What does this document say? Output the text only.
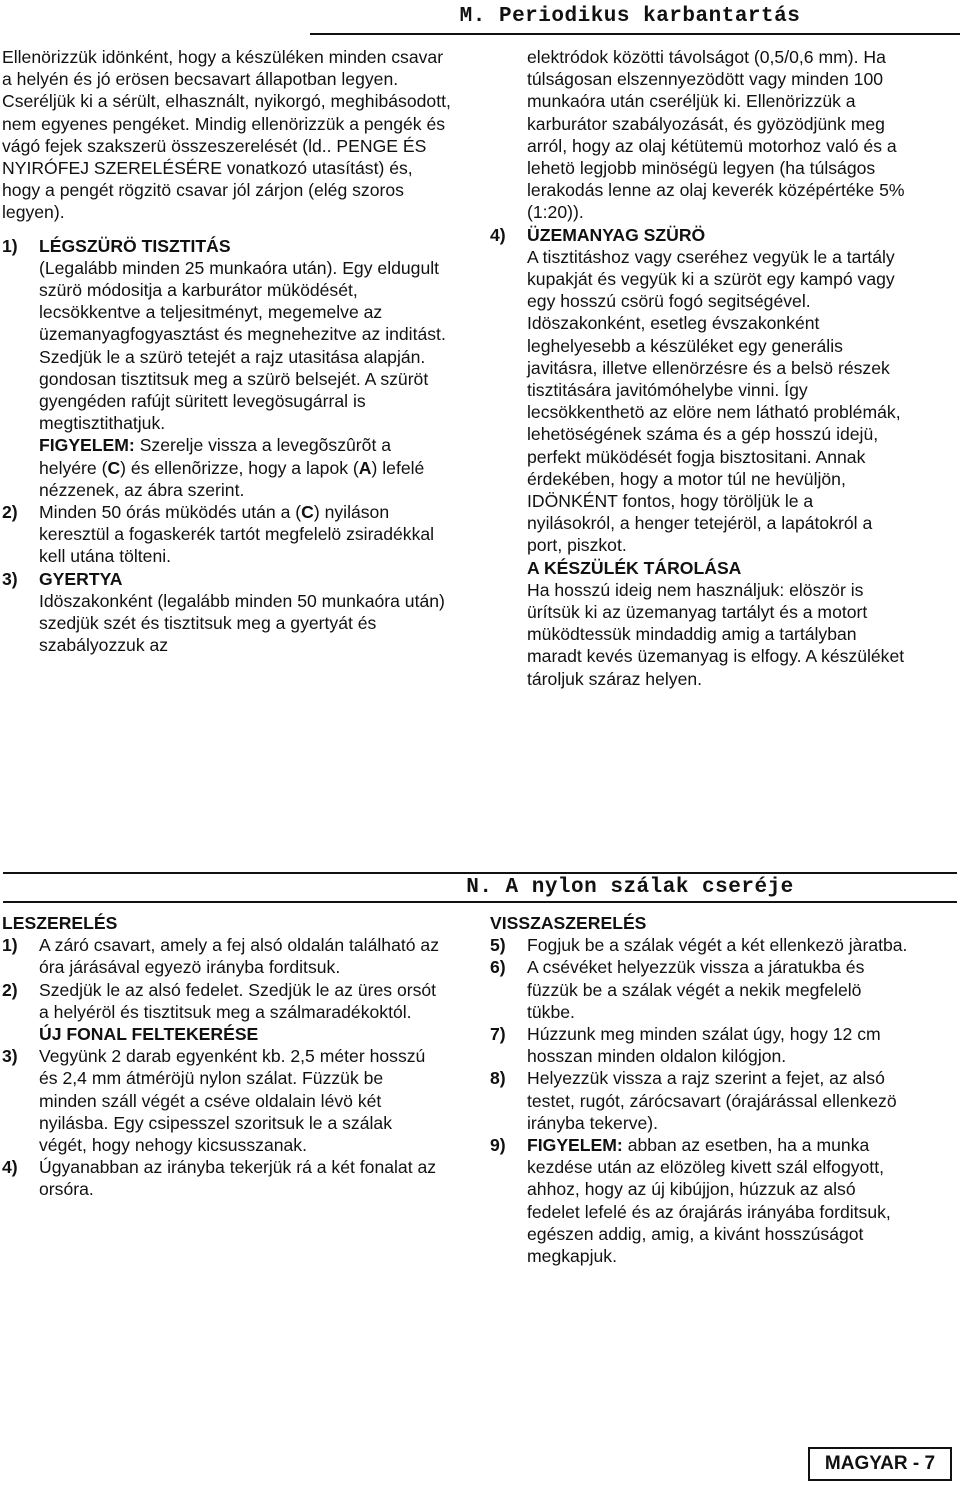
M. Periodikus karbantartás

Ellenörizzük idönként, hogy a készüléken minden csavar a helyén és jó erösen becsavart állapotban legyen. Cseréljük ki a sérült, elhasznált, nyikorgó, meghibásodott, nem egyenes pengéket. Mindig ellenörizzük a pengék és vágó fejek szakszerü összeszerelését (ld.. PENGE ÉS NYIRÓFEJ SZERELÉSÉRE vonatkozó utasítást) és, hogy a pengét rögzitö csavar jól zárjon (elég szoros legyen).

1)	LÉGSZÜRÖ TISZTITÁS

(Legalább minden 25 munkaóra után). Egy eldugult szürö módositja a karburátor müködését, lecsökkentve a teljesitményt, megemelve az üzemanyagfogyasztást és megnehezitve az inditást. Szedjük le a szürö tetejét a rajz utasitása alapján. gondosan tisztitsuk meg a szürö belsejét. A szüröt gyengéden rafújt süritett levegösugárral is megtisztithatjuk.

FIGYELEM: Szerelje vissza a levegõszûrõt a helyére (C) és ellenõrizze, hogy a lapok (A) lefelé nézzenek, az ábra szerint.

2)	Minden 50 órás müködés után a (C) nyiláson keresztül a fogaskerék tartót megfelelö zsiradékkal kell utána tölteni.

3)	GYERTYA

Idöszakonként (legalább minden 50 munkaóra után) szedjük szét és tisztitsuk meg a gyertyát és szabályozzuk az

elektródok közötti távolságot (0,5/0,6 mm). Ha túlságosan elszennyezödött vagy minden 100 munkaóra után cseréljük ki. Ellenörizzük a karburátor szabályozását, és gyözödjünk meg arról, hogy az olaj kétütemü motorhoz való és a lehetö legjobb minöségü legyen (ha túlságos lerakodás lenne az olaj keverék középértéke 5% (1:20)).

4)	ÜZEMANYAG SZÜRÖ

A tisztitáshoz vagy cseréhez vegyük le a tartály kupakját és vegyük ki a szüröt egy kampó vagy egy hosszú csörü fogó segitségével. Idöszakonként, esetleg évszakonként leghelyesebb a készüléket egy generális javitásra, illetve ellenörzésre és a belsö részek tisztitására javitómóhelybe vinni. Így lecsökkenthetö az elöre nem látható problémák, lehetöségének száma és a gép hosszú idejü, perfekt müködését fogja bisztositani. Annak érdekében, hogy a motor túl ne hevüljön, IDÖNKÉNT fontos, hogy töröljük le a nyilásokról, a henger tetejéröl, a lapátokról a port, piszkot.

A KÉSZÜLÉK TÁROLÁSA

Ha hosszú ideig nem használjuk: elöször is ürítsük ki az üzemanyag tartályt és a motort müködtessük mindaddig amig a tartályban maradt kevés üzemanyag is elfogy. A készüléket tároljuk száraz helyen.

N. A nylon szálak cseréje

LESZERELÉS

1)	A záró csavart, amely a fej alsó oldalán található az óra járásával egyezö irányba forditsuk.

2)	Szedjük le az alsó fedelet. Szedjük le az üres orsót a helyéröl és tisztitsuk meg a szálmaradékoktól.

ÚJ FONAL FELTEKERÉSE

3)	Vegyünk 2 darab egyenként kb. 2,5 méter hosszú és 2,4 mm átméröjü nylon szálat. Füzzük be minden száll végét a cséve oldalain lévö két nyilásba. Egy csipesszel szoritsuk le a szálak végét, hogy nehogy kicsusszanak.

4)	Úgyanabban az irányba tekerjük rá a két fonalat az orsóra.

VISSZASZERELÉS

5)	Fogjuk be a szálak végét a két ellenkezö jàratba.

6)	A csévéket helyezzük vissza a járatukba és füzzük be a szálak végét a nekik megfelelö tükbe.

7)	Húzzunk meg minden szálat úgy, hogy 12 cm hosszan minden oldalon kilógjon.

8)	Helyezzük vissza a rajz szerint a fejet, az alsó testet, rugót, zárócsavart (órajárással ellenkezö irányba tekerve).

9)	FIGYELEM: abban az esetben, ha a munka kezdése után az elözöleg kivett szál elfogyott, ahhoz, hogy az új kibújjon, húzzuk az alsó fedelet lefelé és az órajárás irányába forditsuk, egészen addig, amig, a kivánt hosszúságot megkapjuk.

MAGYAR - 7
